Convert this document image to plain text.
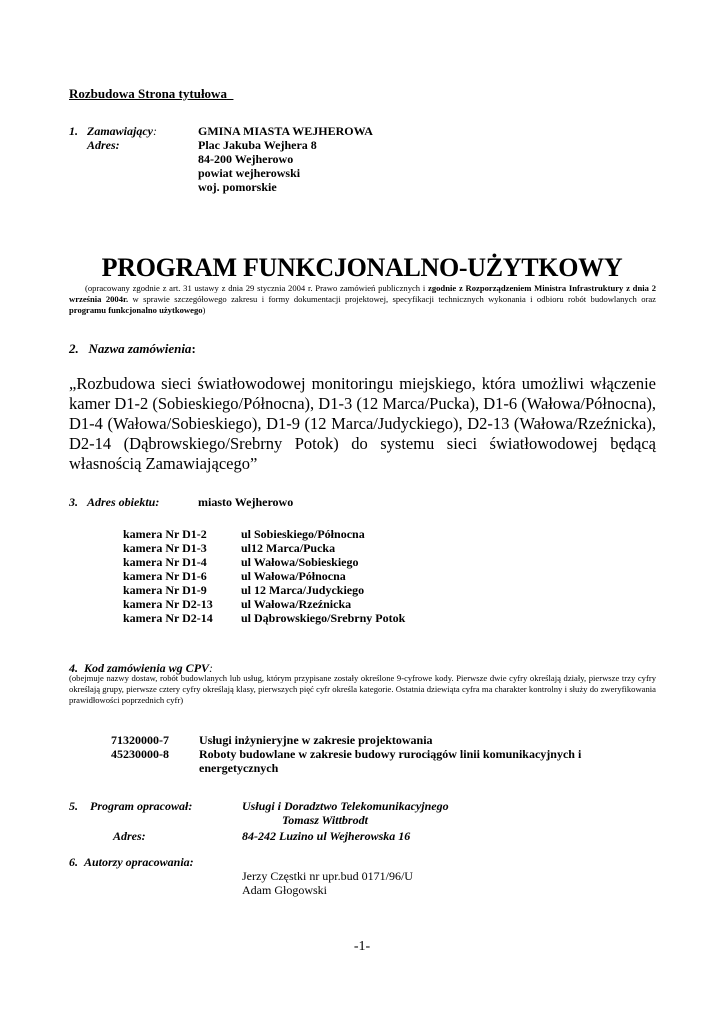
Rozbudowa Strona tytułowa
1. Zamawiający:	GMINA MIASTA WEJHEROWA
Adres:	Plac Jakuba Wejhera 8
84-200 Wejherowo
powiat wejherowski
woj. pomorskie
PROGRAM FUNKCJONALNO-UŻYTKOWY
(opracowany zgodnie z art. 31 ustawy z dnia 29 stycznia 2004 r. Prawo zamówień publicznych i zgodnie z Rozporządzeniem Ministra Infrastruktury z dnia 2 września 2004r. w sprawie szczegółowego zakresu i formy dokumentacji projektowej, specyfikacji technicznych wykonania i odbioru robót budowlanych oraz programu funkcjonalno użytkowego)
2. Nazwa zamówienia:
„Rozbudowa sieci światłowodowej monitoringu miejskiego, która umożliwi włączenie kamer D1-2 (Sobieskiego/Północna), D1-3 (12 Marca/Pucka), D1-6 (Wałowa/Północna), D1-4 (Wałowa/Sobieskiego), D1-9 (12 Marca/Judyckiego), D2-13 (Wałowa/Rzeźnicka), D2-14 (Dąbrowskiego/Srebrny Potok) do systemu sieci światłowodowej będącą własnością Zamawiającego”
3. Adres obiektu:	miasto Wejherowo
kamera Nr D1-2	ul Sobieskiego/Północna
kamera Nr D1-3	ul12 Marca/Pucka
kamera Nr D1-4	ul Wałowa/Sobieskiego
kamera Nr D1-6	ul Wałowa/Północna
kamera Nr D1-9	ul 12 Marca/Judyckiego
kamera Nr D2-13	ul Wałowa/Rzeźnicka
kamera Nr D2-14	ul Dąbrowskiego/Srebrny Potok
4. Kod zamówienia wg CPV:
(obejmuje nazwy dostaw, robót budowlanych lub usług, którym przypisane zostały określone 9-cyfrowe kody. Pierwsze dwie cyfry określają działy, pierwsze trzy cyfry określają grupy, pierwsze cztery cyfry określają klasy, pierwszych pięć cyfr określa kategorie. Ostatnia dziewiąta cyfra ma charakter kontrolny i służy do zweryfikowania prawidłowości poprzednich cyfr)
71320000-7	Usługi inżynieryjne w zakresie projektowania
45230000-8	Roboty budowlane w zakresie budowy rurociągów linii komunikacyjnych i energetycznych
5.	Program opracował:	Usługi i Doradztwo Telekomunikacyjnego
Tomasz Wittbrodt
Adres:	84-242 Luzino ul Wejherowska 16
6. Autorzy opracowania:
Jerzy Częstki nr upr.bud 0171/96/U
Adam Głogowski
-1-
